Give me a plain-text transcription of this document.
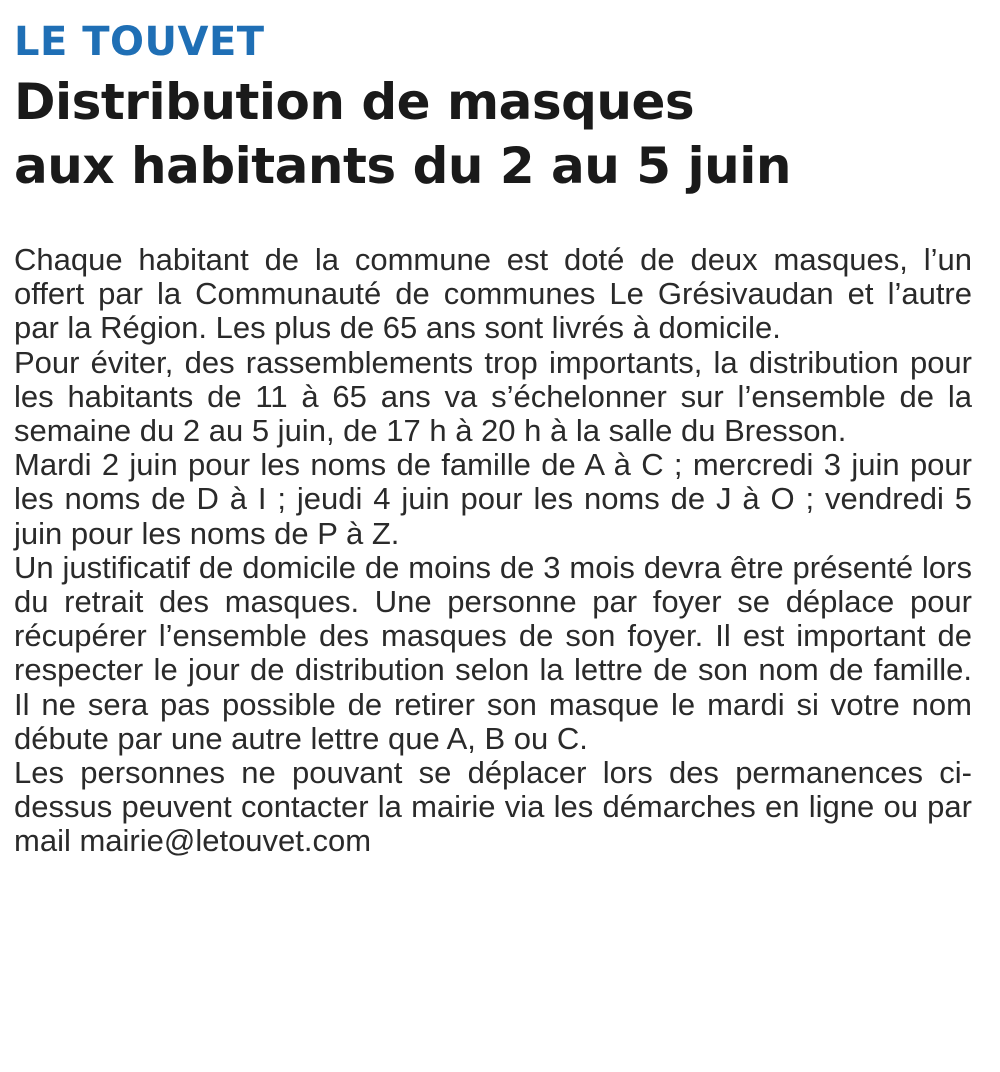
LE TOUVET
Distribution de masques
aux habitants du 2 au 5 juin

Chaque habitant de la commune est doté de deux masques, l’un offert par la Communauté de communes Le Grésivaudan et l’autre par la Région. Les plus de 65 ans sont livrés à domicile.

Pour éviter, des rassemblements trop importants, la distribution pour les habitants de 11 à 65 ans va s’échelonner sur l’ensemble de la semaine du 2 au 5 juin, de 17 h à 20 h à la salle du Bresson.

Mardi 2 juin pour les noms de famille de A à C ; mercredi 3 juin pour les noms de D à I ; jeudi 4 juin pour les noms de J à O ; vendredi 5 juin pour les noms de P à Z.

Un justificatif de domicile de moins de 3 mois devra être présenté lors du retrait des masques. Une personne par foyer se déplace pour récupérer l’ensemble des masques de son foyer. Il est important de respecter le jour de distribution selon la lettre de son nom de famille. Il ne sera pas possible de retirer son masque le mardi si votre nom débute par une autre lettre que A, B ou C.

Les personnes ne pouvant se déplacer lors des permanences ci-dessus peuvent contacter la mairie via les démarches en ligne ou par mail mairie@letouvet.com
